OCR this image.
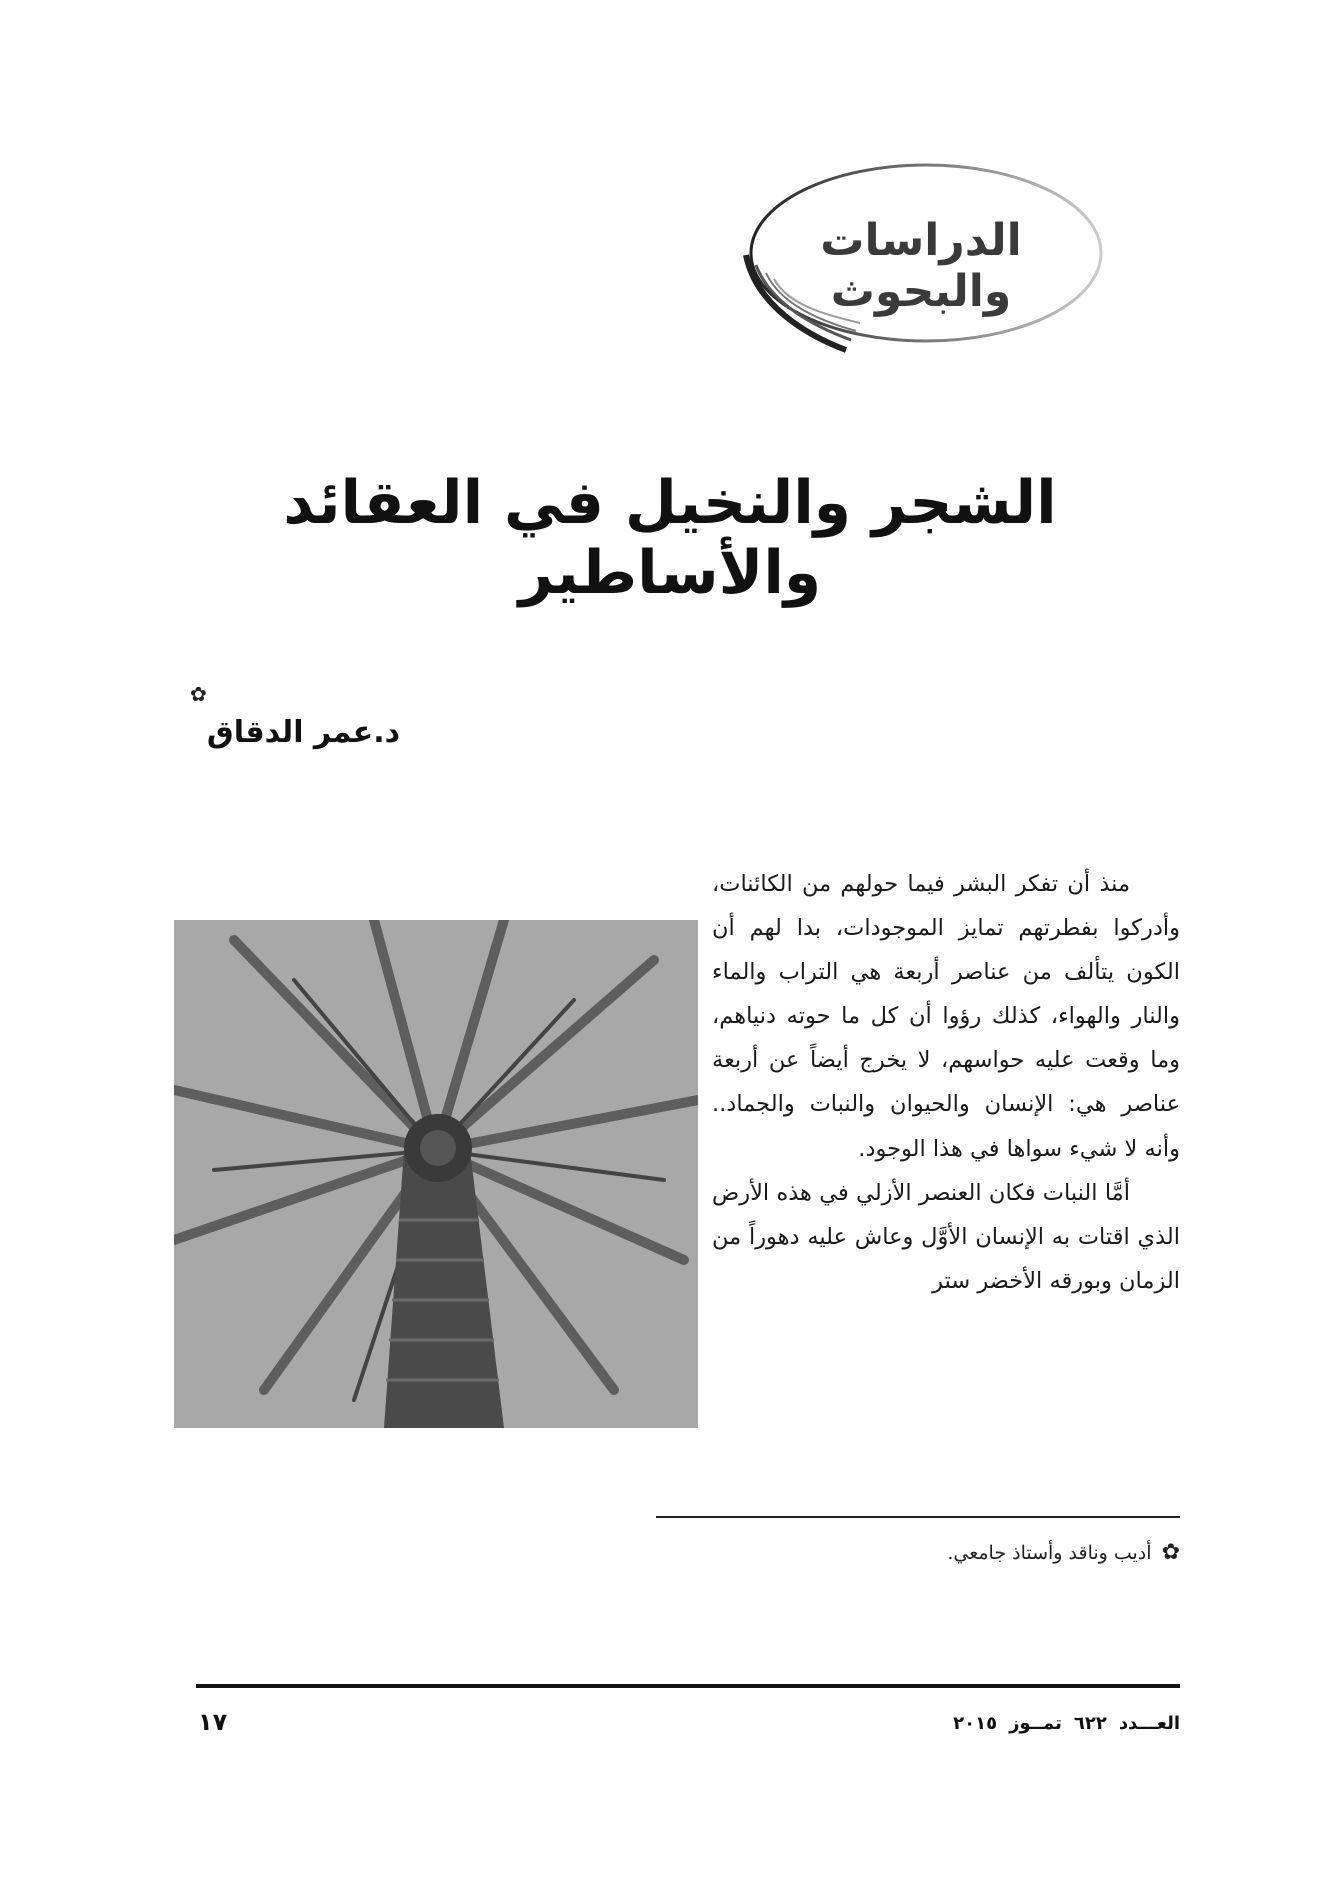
الدراسات والبحوث
الشجر والنخيل في العقائد والأساطير
✿
د.عمر الدقاق

منذ أن تفكر البشر فيما حولهم من الكائنات، وأدركوا بفطرتهم تمايز الموجودات، بدا لهم أن الكون يتألف من عناصر أربعة هي التراب والماء والنار والهواء، كذلك رؤوا أن كل ما حوته دنياهم، وما وقعت عليه حواسهم، لا يخرج أيضاً عن أربعة عناصر هي: الإنسان والحيوان والنبات والجماد.. وأنه لا شيء سواها في هذا الوجود.

أمَّا النبات فكان العنصر الأزلي في هذه الأرض الذي اقتات به الإنسان الأوَّل وعاش عليه دهوراً من الزمان وبورقه الأخضر ستر

✿أديب وناقد وأستاذ جامعي.
العـــدد٦٢٢تمــوز٢٠١٥
١٧
